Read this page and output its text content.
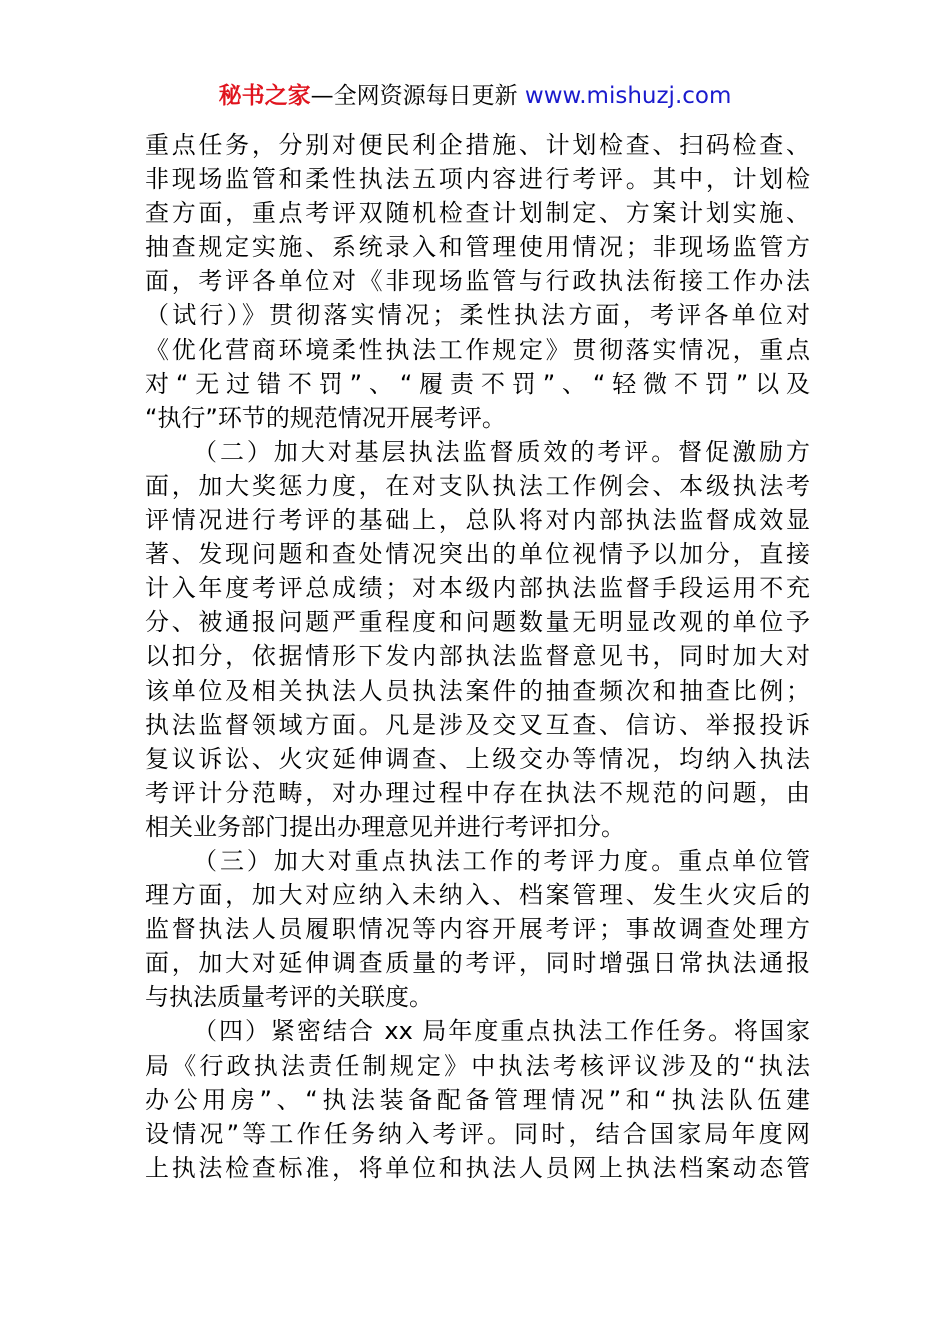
秘书之家—全网资源每日更新 www.mishuzj.com
重点任务，分别对便民利企措施、计划检查、扫码检查、
非现场监管和柔性执法五项内容进行考评。其中，计划检
查方面，重点考评双随机检查计划制定、方案计划实施、
抽查规定实施、系统录入和管理使用情况；非现场监管方
面，考评各单位对《非现场监管与行政执法衔接工作办法
（试行）》贯彻落实情况；柔性执法方面，考评各单位对
《优化营商环境柔性执法工作规定》贯彻落实情况，重点
对“无过错不罚”、“履责不罚”、“轻微不罚”以及
“执行”环节的规范情况开展考评。
（二）加大对基层执法监督质效的考评。督促激励方
面，加大奖惩力度，在对支队执法工作例会、本级执法考
评情况进行考评的基础上，总队将对内部执法监督成效显
著、发现问题和查处情况突出的单位视情予以加分，直接
计入年度考评总成绩；对本级内部执法监督手段运用不充
分、被通报问题严重程度和问题数量无明显改观的单位予
以扣分，依据情形下发内部执法监督意见书，同时加大对
该单位及相关执法人员执法案件的抽查频次和抽查比例；
执法监督领域方面。凡是涉及交叉互查、信访、举报投诉
复议诉讼、火灾延伸调查、上级交办等情况，均纳入执法
考评计分范畴，对办理过程中存在执法不规范的问题，由
相关业务部门提出办理意见并进行考评扣分。
（三）加大对重点执法工作的考评力度。重点单位管
理方面，加大对应纳入未纳入、档案管理、发生火灾后的
监督执法人员履职情况等内容开展考评；事故调查处理方
面，加大对延伸调查质量的考评，同时增强日常执法通报
与执法质量考评的关联度。
（四）紧密结合 xx 局年度重点执法工作任务。将国家
局《行政执法责任制规定》中执法考核评议涉及的“执法
办公用房”、“执法装备配备管理情况”和“执法队伍建
设情况”等工作任务纳入考评。同时，结合国家局年度网
上执法检查标准，将单位和执法人员网上执法档案动态管
